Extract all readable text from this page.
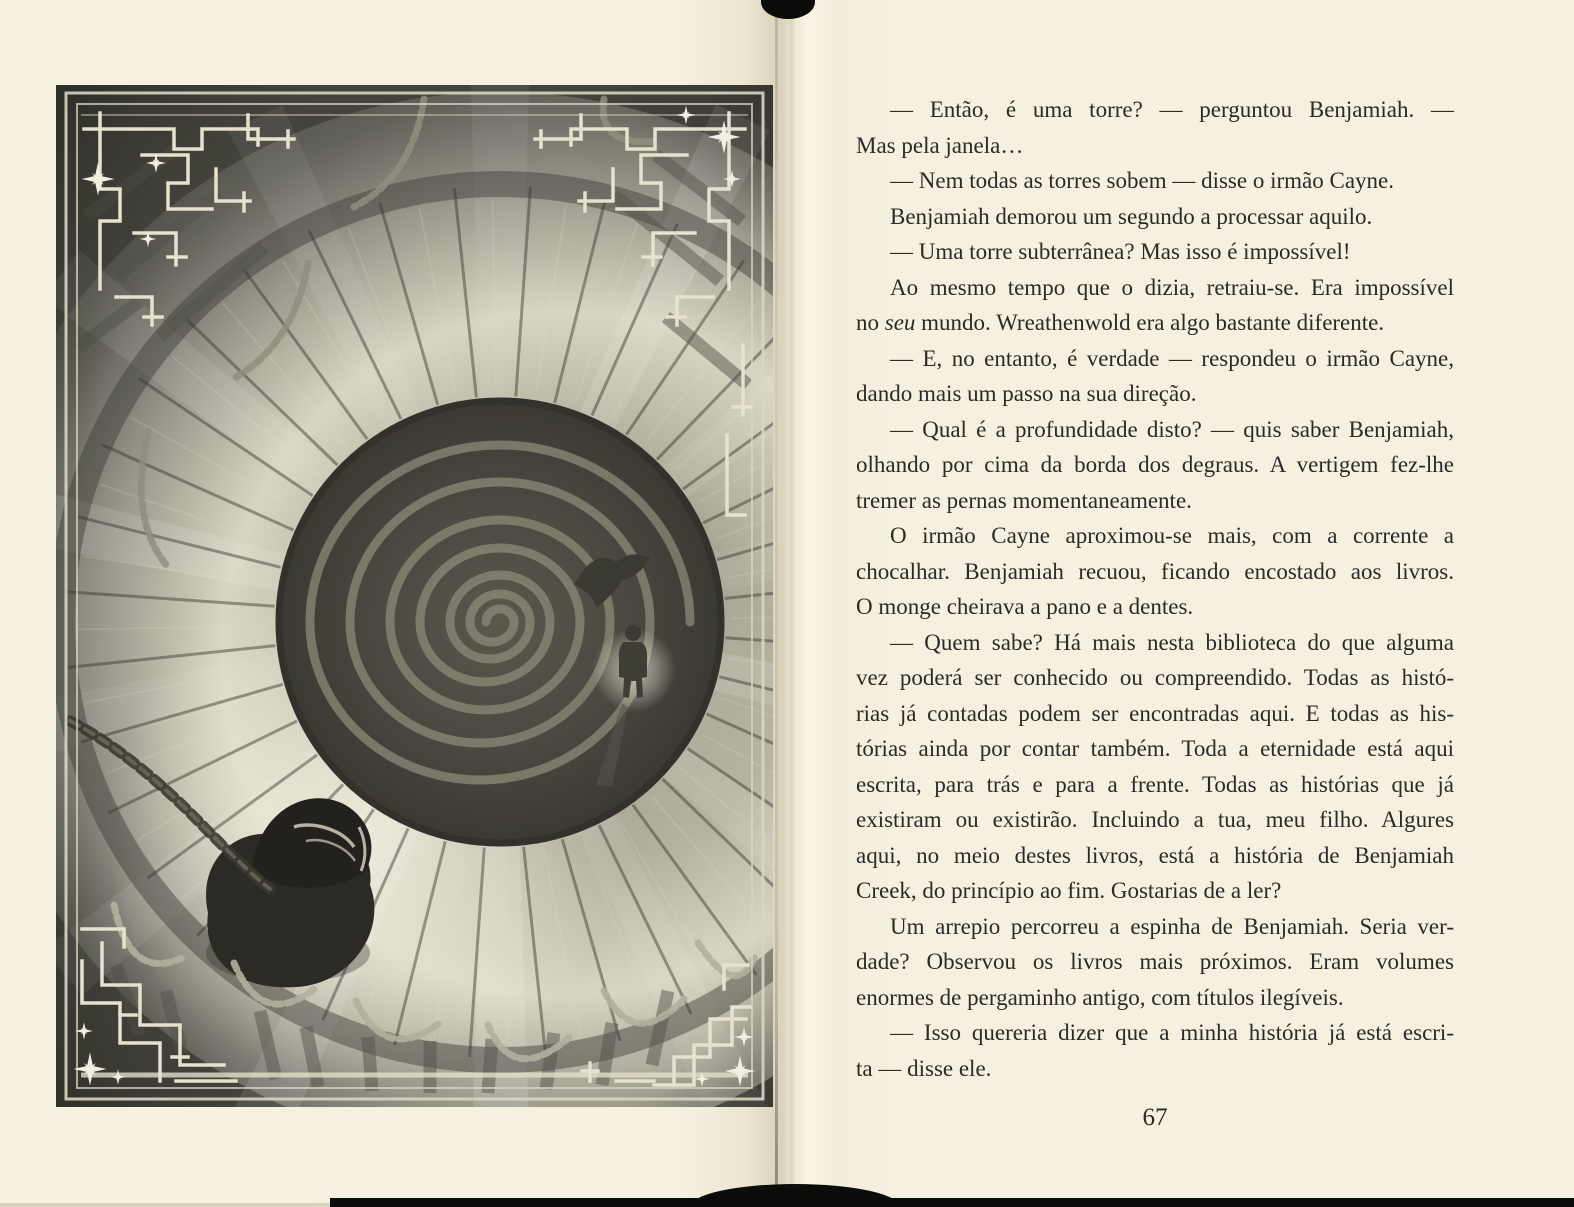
— Então, é uma torre? — perguntou Benjamiah. —
Mas pela janela…
— Nem todas as torres sobem — disse o irmão Cayne.
Benjamiah demorou um segundo a processar aquilo.
— Uma torre subterrânea? Mas isso é impossível!
Ao mesmo tempo que o dizia, retraiu-se. Era impossível
no seu mundo. Wreathenwold era algo bastante diferente.
— E, no entanto, é verdade — respondeu o irmão Cayne,
dando mais um passo na sua direção.
— Qual é a profundidade disto? — quis saber Benjamiah,
olhando por cima da borda dos degraus. A vertigem fez-lhe
tremer as pernas momentaneamente.
O irmão Cayne aproximou-se mais, com a corrente a
chocalhar. Benjamiah recuou, ficando encostado aos livros.
O monge cheirava a pano e a dentes.
— Quem sabe? Há mais nesta biblioteca do que alguma
vez poderá ser conhecido ou compreendido. Todas as histó-
rias já contadas podem ser encontradas aqui. E todas as his-
tórias ainda por contar também. Toda a eternidade está aqui
escrita, para trás e para a frente. Todas as histórias que já
existiram ou existirão. Incluindo a tua, meu filho. Algures
aqui, no meio destes livros, está a história de Benjamiah
Creek, do princípio ao fim. Gostarias de a ler?
Um arrepio percorreu a espinha de Benjamiah. Seria ver-
dade? Observou os livros mais próximos. Eram volumes
enormes de pergaminho antigo, com títulos ilegíveis.
— Isso quereria dizer que a minha história já está escri-
ta — disse ele.
67
